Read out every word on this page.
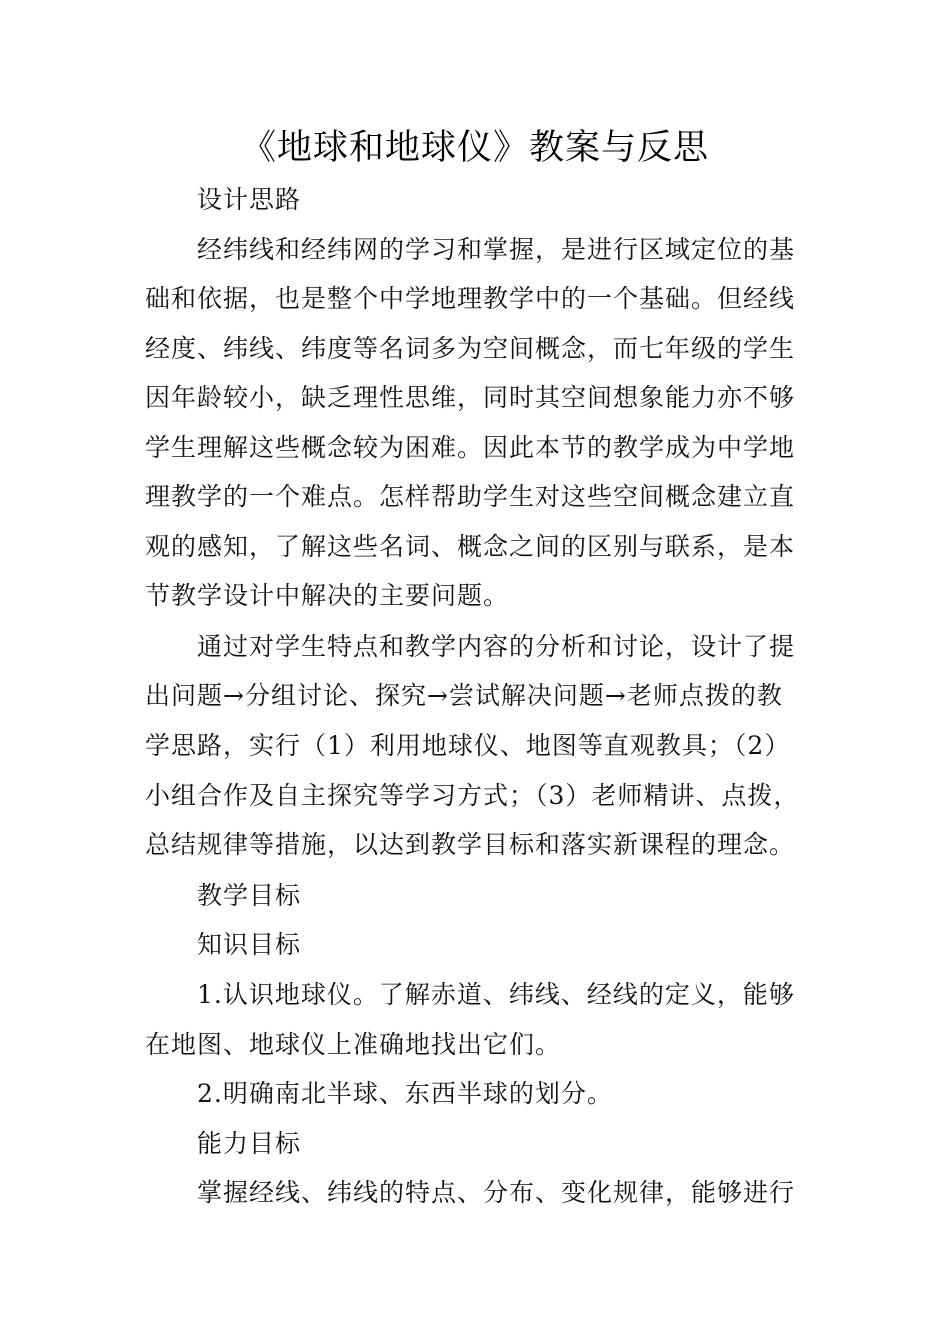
《地球和地球仪》教案与反思
设计思路
经纬线和经纬网的学习和掌握，是进行区域定位的基
础和依据，也是整个中学地理教学中的一个基础。但经线
经度、纬线、纬度等名词多为空间概念，而七年级的学生
因年龄较小，缺乏理性思维，同时其空间想象能力亦不够
学生理解这些概念较为困难。因此本节的教学成为中学地
理教学的一个难点。怎样帮助学生对这些空间概念建立直
观的感知，了解这些名词、概念之间的区别与联系，是本
节教学设计中解决的主要问题。
通过对学生特点和教学内容的分析和讨论，设计了提
出问题→分组讨论、探究→尝试解决问题→老师点拨的教
学思路，实行（1）利用地球仪、地图等直观教具；（2）
小组合作及自主探究等学习方式；（3）老师精讲、点拨，
总结规律等措施，以达到教学目标和落实新课程的理念。
教学目标
知识目标
1.认识地球仪。了解赤道、纬线、经线的定义，能够
在地图、地球仪上准确地找出它们。
2.明确南北半球、东西半球的划分。
能力目标
掌握经线、纬线的特点、分布、变化规律，能够进行
